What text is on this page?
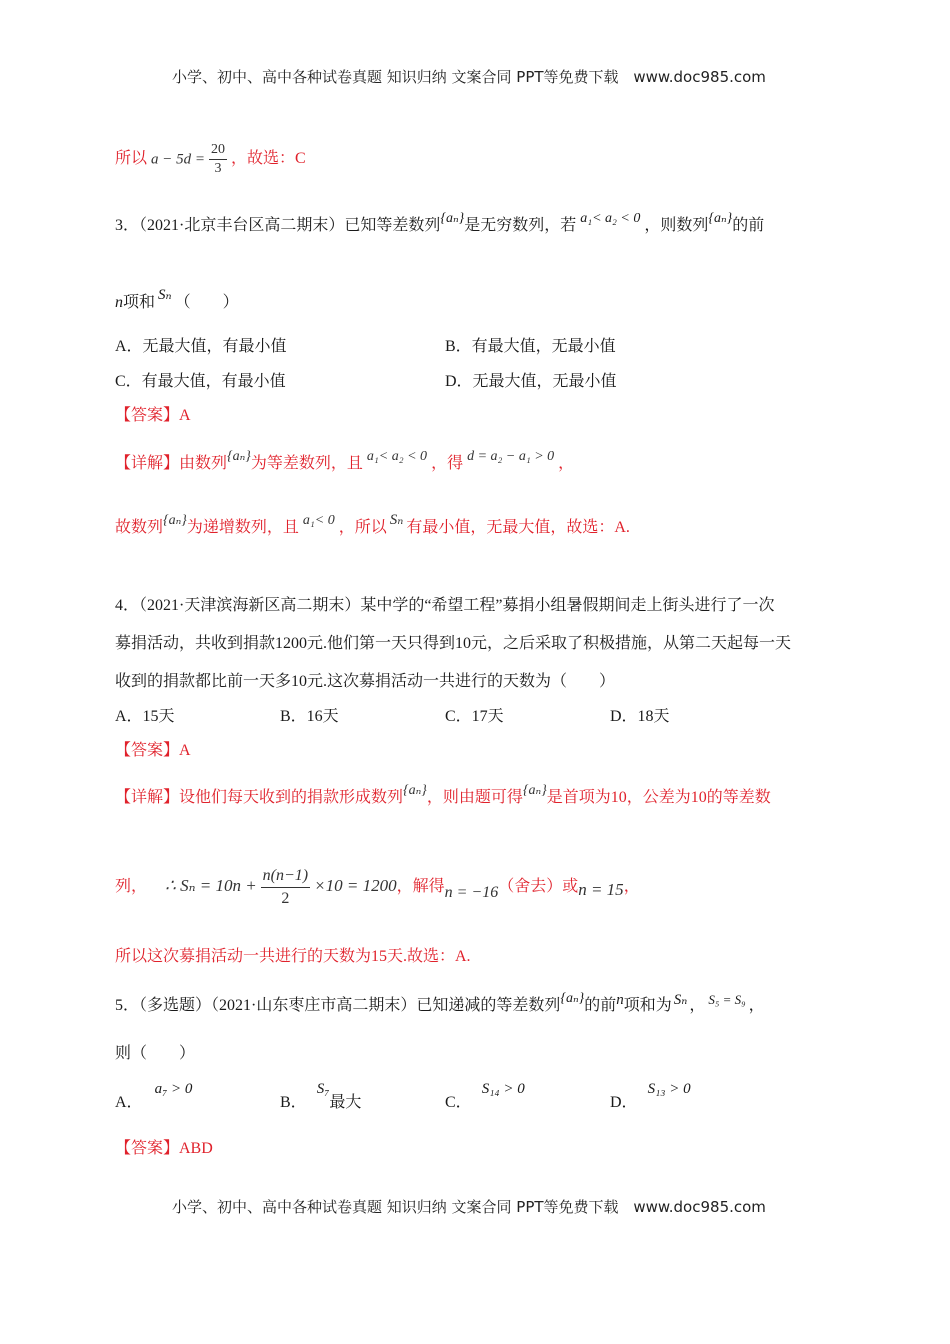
小学、初中、高中各种试卷真题 知识归纳 文案合同 PPT等免费下载 www.doc985.com
所以 $a - 5d = \frac{20}{3}$ ，故选：C
3．（2021·北京丰台区高二期末）已知等差数列{aₙ}是无穷数列，若 a₁< a₂ < 0 ，则数列{aₙ}的前
n项和 Sₙ （　　）
A．无最大值，有最小值	B．有最大值，无最小值
C．有最大值，有最小值	D．无最大值，无最小值
【答案】A
【详解】由数列{aₙ}为等差数列，且 a₁< a₂ < 0 ，得 d = a₂ − a₁ > 0 ，
故数列{aₙ}为递增数列，且 a₁< 0 ，所以 Sₙ 有最小值，无最大值，故选：A.
4．（2021·天津滨海新区高二期末）某中学的“希望工程”募捐小组暑假期间走上街头进行了一次
募捐活动，共收到捐款1200元.他们第一天只得到10元，之后采取了积极措施，从第二天起每一天
收到的捐款都比前一天多10元.这次募捐活动一共进行的天数为（　　）
A．15天	B．16天	C．17天	D．18天
【答案】A
【详解】设他们每天收到的捐款形成数列{aₙ}，则由题可得{aₙ}是首项为10，公差为10的等差数
列， ∴ $S_n = 10n + \frac{n(n-1)}{2} \times 10 = 1200$，解得n = −16（舍去）或n = 15，
所以这次募捐活动一共进行的天数为15天.故选：A.
5．（多选题）（2021·山东枣庄市高二期末）已知递减的等差数列{aₙ}的前n项和为 Sₙ ， $^{S_5 = S_9}$ ，
则（　　）
A．a₇ > 0
B．S₇最大	C．S₁₄ > 0
D．S₁₃ > 0
【答案】ABD
小学、初中、高中各种试卷真题 知识归纳 文案合同 PPT等免费下载 www.doc985.com
